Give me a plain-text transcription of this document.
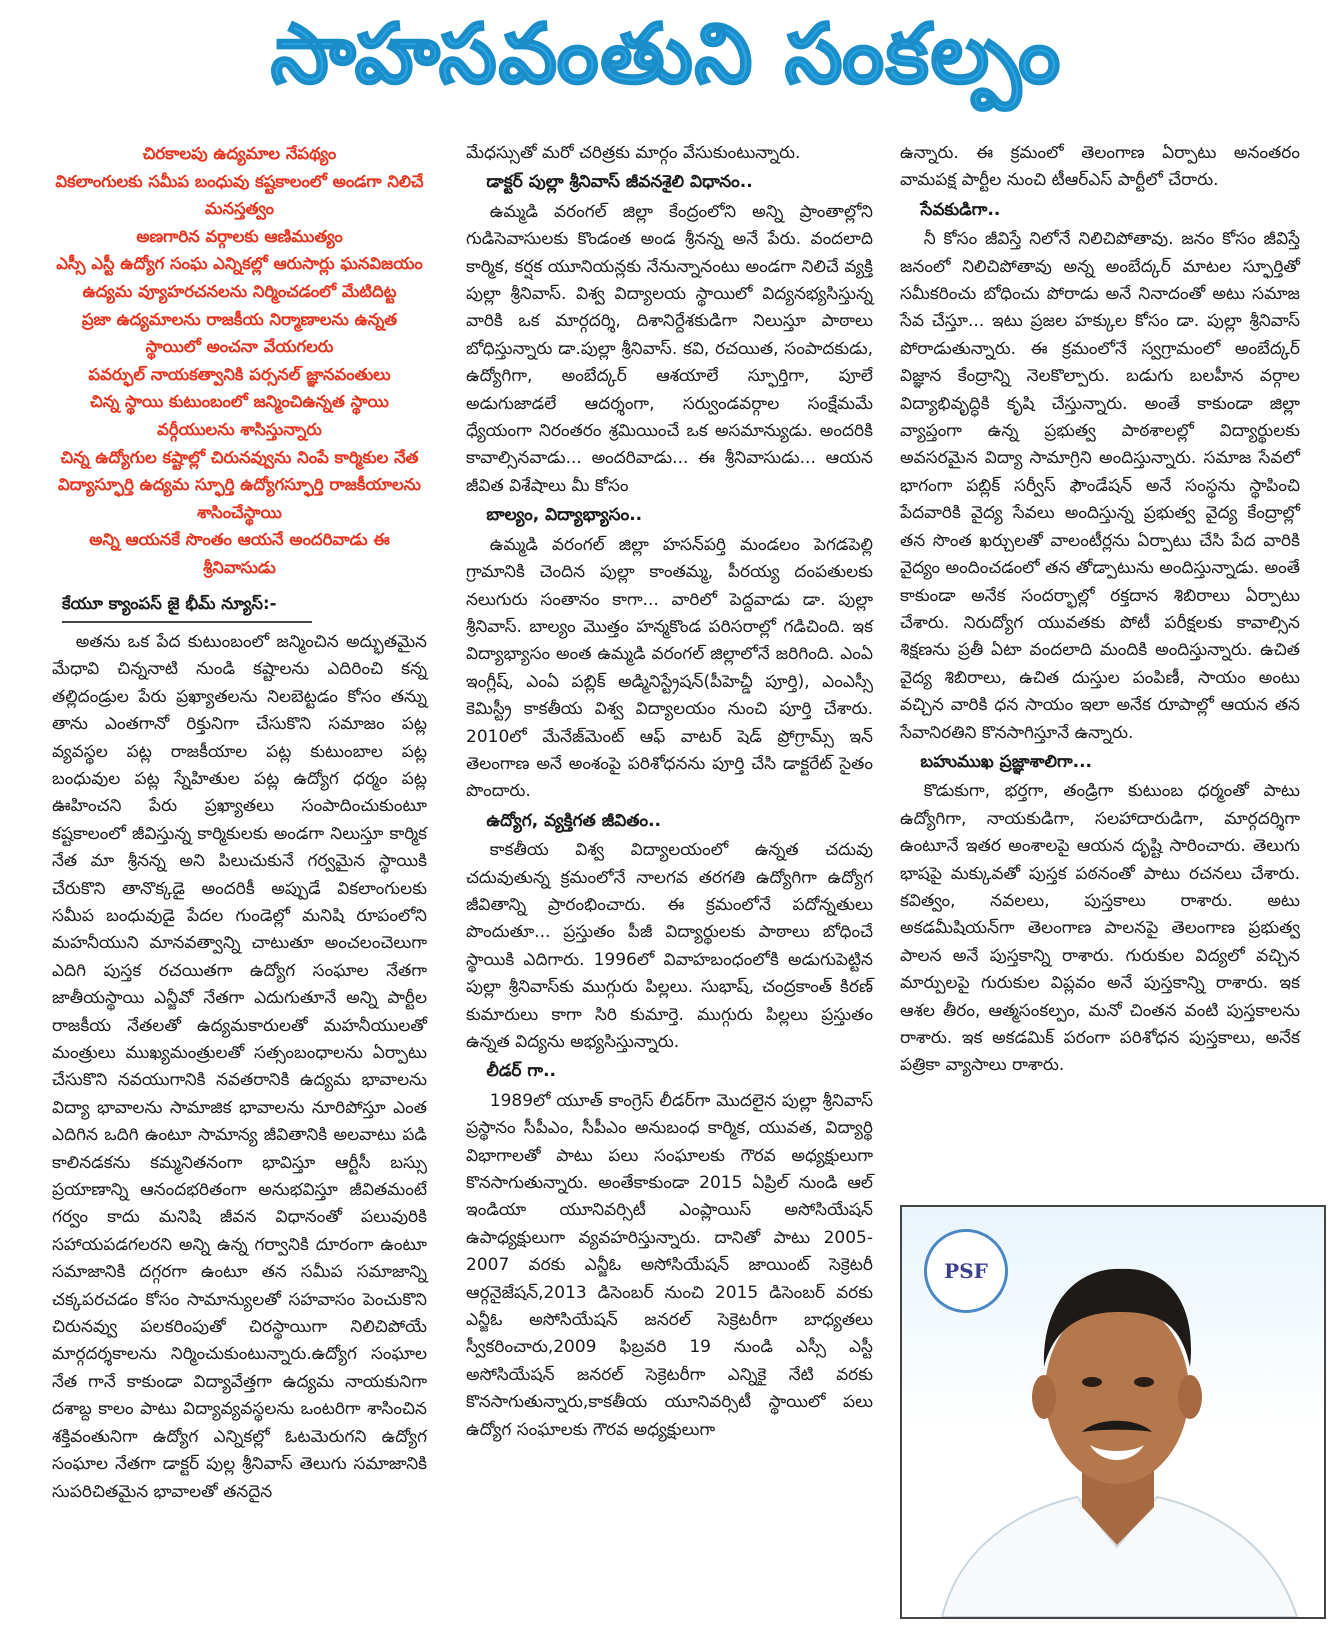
సాహసవంతుని సంకల్పం
చిరకాలపు ఉద్యమాల నేపథ్యం
వికలాంగులకు సమీప బంధువు కష్టకాలంలో అండగా నిలిచే మనస్తత్వం
అణగారిన వర్గాలకు ఆణిముత్యం
ఎస్సీ ఎస్టీ ఉద్యోగ సంఘ ఎన్నికల్లో ఆరుసార్లు ఘనవిజయం
ఉద్యమ వ్యూహరచనలను నిర్మించడంలో మేటిదిట్ట
ప్రజా ఉద్యమాలను రాజకీయ నిర్మాణాలను ఉన్నత స్థాయిలో అంచనా వేయగలరు
పవర్ఫుల్ నాయకత్వానికి పర్సనల్ జ్ఞానవంతులు
చిన్న స్థాయి కుటుంబంలో జన్మించిఉన్నత స్థాయి వర్గీయులను శాసిస్తున్నారు
చిన్న ఉద్యోగుల కష్టాల్లో చిరునవ్వును నింపే కార్మికుల నేత
విద్యాస్ఫూర్తి ఉద్యమ స్ఫూర్తి ఉద్యోగస్ఫూర్తి రాజకీయాలను శాసించేస్థాయి
అన్ని ఆయనకే సొంతం ఆయనే అందరివాడు ఈ శ్రీనివాసుడు
కేయూ క్యాంపస్ జై భీమ్ న్యూస్:-

అతను ఒక పేద కుటుంబంలో జన్మించిన అద్భుతమైన మేధావి చిన్ననాటి నుండి కష్టాలను ఎదిరించి కన్న తల్లిదండ్రుల పేరు ప్రఖ్యాతలను నిలబెట్టడం కోసం తన్ను తాను ఎంతగానో రిక్తునిగా చేసుకొని సమాజం పట్ల వ్యవస్థల పట్ల రాజకీయాల పట్ల కుటుంబాల పట్ల బంధువుల పట్ల స్నేహితుల పట్ల ఉద్యోగ ధర్మం పట్ల ఊహించని పేరు ప్రఖ్యాతలు సంపాదించుకుంటూ కష్టకాలంలో జీవిస్తున్న కార్మికులకు అండగా నిలుస్తూ కార్మిక నేత మా శ్రీనన్న అని పిలుచుకునే గర్వమైన స్థాయికి చేరుకొని తానొక్కడై అందరికీ అప్పుడే వికలాంగులకు సమీప బంధువుడై పేదల గుండెల్లో మనిషి రూపంలోని మహనీయుని మానవత్వాన్ని చాటుతూ అంచలంచెలుగా ఎదిగి పుస్తక రచయితగా ఉద్యోగ సంఘాల నేతగా జాతీయస్థాయి ఎన్జీవో నేతగా ఎదుగుతూనే అన్ని పార్టీల రాజకీయ నేతలతో ఉద్యమకారులతో మహనీయులతో మంత్రులు ముఖ్యమంత్రులతో సత్సంబంధాలను ఏర్పాటు చేసుకొని నవయుగానికి నవతరానికి ఉద్యమ భావాలను విద్యా భావాలను సామాజిక భావాలను నూరిపోస్తూ ఎంత ఎదిగిన ఒదిగి ఉంటూ సామాన్య జీవితానికి అలవాటు పడి కాలినడకను కమ్మనితనంగా భావిస్తూ ఆర్టీసీ బస్సు ప్రయాణాన్ని ఆనందభరితంగా అనుభవిస్తూ జీవితమంటే గర్వం కాదు మనిషి జీవన విధానంతో పలువురికి సహాయపడగలరని అన్ని ఉన్న గర్వానికి దూరంగా ఉంటూ సమాజానికి దగ్గరగా ఉంటూ తన సమీప సమాజాన్ని చక్కపరచడం కోసం సామాన్యులతో సహవాసం పెంచుకొని చిరునవ్వు పలకరింపుతో చిరస్థాయిగా నిలిచిపోయే మార్గదర్శకాలను నిర్మించుకుంటున్నారు.ఉద్యోగ సంఘాల నేత గానే కాకుండా విద్యావేత్తగా ఉద్యమ నాయకునిగా దశాబ్ద కాలం పాటు విద్యావ్యవస్థలను ఒంటరిగా శాసించిన శక్తివంతునిగా ఉద్యోగ ఎన్నికల్లో ఓటమెరుగని ఉద్యోగ సంఘాల నేతగా డాక్టర్ పుల్ల శ్రీనివాస్ తెలుగు సమాజానికి సుపరిచితమైన భావాలతో తనదైన

మేధస్సుతో మరో చరిత్రకు మార్గం వేసుకుంటున్నారు.

డాక్టర్ పుల్లా శ్రీనివాస్ జీవనశైలి విధానం..

ఉమ్మడి వరంగల్ జిల్లా కేంద్రంలోని అన్ని ప్రాంతాల్లోని గుడిసెవాసులకు కొండంత అండ శ్రీనన్న అనే పేరు. వందలాది కార్మిక, కర్షక యూనియన్లకు నేనున్నానంటు అండగా నిలిచే వ్యక్తి పుల్లా శ్రీనివాస్. విశ్వ విద్యాలయ స్థాయిలో విద్యనభ్యసిస్తున్న వారికి ఒక మార్గదర్శి, దిశానిర్దేశకుడిగా నిలుస్తూ పాఠాలు బోధిస్తున్నారు డా.పుల్లా శ్రీనివాస్. కవి, రచయిత, సంపాదకుడు, ఉద్యోగిగా, అంబేద్కర్ ఆశయాలే స్ఫూర్తిగా, పూలే అడుగుజాడలే ఆదర్శంగా, సర్వుండవర్గాల సంక్షేమమే ధ్యేయంగా నిరంతరం శ్రమియించే ఒక అసమాన్యుడు. అందరికి కావాల్సినవాడు... అందరివాడు... ఈ శ్రీనివాసుడు... ఆయన జీవిత విశేషాలు మీ కోసం

బాల్యం, విద్యాభ్యాసం..

ఉమ్మడి వరంగల్ జిల్లా హసన్‌పర్తి మండలం పెగడపెల్లి గ్రామానికి చెందిన పుల్లా కాంతమ్మ, పీరయ్య దంపతులకు నలుగురు సంతానం కాగా... వారిలో పెద్దవాడు డా. పుల్లా శ్రీనివాస్. బాల్యం మొత్తం హన్మకొండ పరిసరాల్లో గడిచింది. ఇక విద్యాభ్యాసం అంత ఉమ్మడి వరంగల్ జిల్లాలోనే జరిగింది. ఎంఏ ఇంగ్లీష్, ఎంఏ పబ్లిక్ అడ్మినిస్ట్రేషన్(పీహెచ్డీ పూర్తి), ఎంఎస్సీ కెమిస్ట్రీ కాకతీయ విశ్వ విద్యాలయం నుంచి పూర్తి చేశారు. 2010లో మేనేజ్‌మెంట్ ఆఫ్ వాటర్ షెడ్ ప్రోగ్రామ్స్ ఇన్ తెలంగాణ అనే అంశంపై పరిశోధనను పూర్తి చేసి డాక్టరేట్ సైతం పొందారు.

ఉద్యోగ, వ్యక్తిగత జీవితం..

కాకతీయ విశ్వ విద్యాలయంలో ఉన్నత చదువు చదువుతున్న క్రమంలోనే నాలగవ తరగతి ఉద్యోగిగా ఉద్యోగ జీవితాన్ని ప్రారంభించారు. ఈ క్రమంలోనే పదోన్నతులు పొందుతూ... ప్రస్తుతం పీజీ విద్యార్థులకు పాఠాలు బోధించే స్థాయికి ఎదిగారు. 1996లో వివాహబంధంలోకి అడుగుపెట్టిన పుల్లా శ్రీనివాస్‌కు ముగ్గురు పిల్లలు. సుభాష్, చంద్రకాంత్ కిరణ్ కుమారులు కాగా సిరి కుమార్తె. ముగ్గురు పిల్లలు ప్రస్తుతం ఉన్నత విద్యను అభ్యసిస్తున్నారు.

లీడర్ గా..

1989లో యూత్ కాంగ్రెస్ లీడర్‌గా మొదలైన పుల్లా శ్రీనివాస్ ప్రస్థానం సీపీఎం, సీపీఎం అనుబంధ కార్మిక, యువత, విద్యార్థి విభాగాలతో పాటు పలు సంఘాలకు గౌరవ అధ్యక్షులుగా కొనసాగుతున్నారు. అంతేకాకుండా 2015 ఏప్రిల్ నుండి ఆల్ ఇండియా యూనివర్సిటీ ఎంప్లాయిస్ అసోసియేషన్ ఉపాధ్యక్షులుగా వ్యవహరిస్తున్నారు. దానితో పాటు 2005-2007 వరకు ఎన్జీఓ అసోసియేషన్ జాయింట్ సెక్రెటరీ ఆర్గనైజేషన్,2013 డిసెంబర్ నుంచి 2015 డిసెంబర్ వరకు ఎన్జీఓ అసోసియేషన్ జనరల్ సెక్రెటరీగా బాధ్యతలు స్వీకరించారు,2009 ఫిబ్రవరి 19 నుండి ఎస్సీ ఎస్టీ అసోసియేషన్ జనరల్ సెక్రెటరీగా ఎన్నికై నేటి వరకు కొనసాగుతున్నారు,కాకతీయ యూనివర్సిటీ స్థాయిలో పలు ఉద్యోగ సంఘాలకు గౌరవ అధ్యక్షులుగా

ఉన్నారు. ఈ క్రమంలో తెలంగాణ ఏర్పాటు అనంతరం వామపక్ష పార్టీల నుంచి టీఆర్ఎస్ పార్టీలో చేరారు.

సేవకుడిగా..

నీ కోసం జీవిస్తే నిలోనే నిలిచిపోతావు. జనం కోసం జీవిస్తే జనంలో నిలిచిపోతావు అన్న అంబేద్కర్ మాటల స్ఫూర్తితో సమీకరించు బోధించు పోరాడు అనే నినాదంతో అటు సమాజ సేవ చేస్తూ... ఇటు ప్రజల హక్కుల కోసం డా. పుల్లా శ్రీనివాస్ పోరాడుతున్నారు. ఈ క్రమంలోనే స్వగ్రామంలో అంబేద్కర్ విజ్ఞాన కేంద్రాన్ని నెలకొల్పారు. బడుగు బలహీన వర్గాల విద్యాభివృద్ధికి కృషి చేస్తున్నారు. అంతే కాకుండా జిల్లా వ్యాప్తంగా ఉన్న ప్రభుత్వ పాఠశాలల్లో విద్యార్థులకు అవసరమైన విద్యా సామాగ్రిని అందిస్తున్నారు. సమాజ సేవలో భాగంగా పబ్లిక్ సర్వీస్ ఫౌండేషన్ అనే సంస్థను స్థాపించి పేదవారికి వైద్య సేవలు అందిస్తున్న ప్రభుత్వ వైద్య కేంద్రాల్లో తన సొంత ఖర్చులతో వాలంటీర్లను ఏర్పాటు చేసి పేద వారికి వైద్యం అందించడంలో తన తోడ్పాటును అందిస్తున్నాడు. అంతే కాకుండా అనేక సందర్భాల్లో రక్తదాన శిబిరాలు ఏర్పాటు చేశారు. నిరుద్యోగ యువతకు పోటీ పరీక్షలకు కావాల్సిన శిక్షణను ప్రతీ ఏటా వందలాది మందికి అందిస్తున్నారు. ఉచిత వైద్య శిబిరాలు, ఉచిత దుస్తుల పంపిణీ, సాయం అంటు వచ్చిన వారికి ధన సాయం ఇలా అనేక రూపాల్లో ఆయన తన సేవానిరతిని కొనసాగిస్తూనే ఉన్నారు.

బహుముఖ ప్రజ్ఞాశాలిగా...

కొడుకుగా, భర్తగా, తండ్రిగా కుటుంబ ధర్మంతో పాటు ఉద్యోగిగా, నాయకుడిగా, సలహాదారుడిగా, మార్గదర్శిగా ఉంటూనే ఇతర అంశాలపై ఆయన దృష్టి సారించారు. తెలుగు భాషపై మక్కువతో పుస్తక పఠనంతో పాటు రచనలు చేశారు. కవిత్వం, నవలలు, పుస్తకాలు రాశారు. అటు అకడమీషియన్‌గా తెలంగాణ పాలనపై తెలంగాణ ప్రభుత్వ పాలన అనే పుస్తకాన్ని రాశారు. గురుకుల విద్యలో వచ్చిన మార్పులపై గురుకుల విప్లవం అనే పుస్తకాన్ని రాశారు. ఇక ఆశల తీరం, ఆత్మసంకల్పం, మనో చింతన వంటి పుస్తకాలను రాశారు. ఇక అకడమిక్ పరంగా పరిశోధన పుస్తకాలు, అనేక పత్రికా వ్యాసాలు రాశారు.

PSF
